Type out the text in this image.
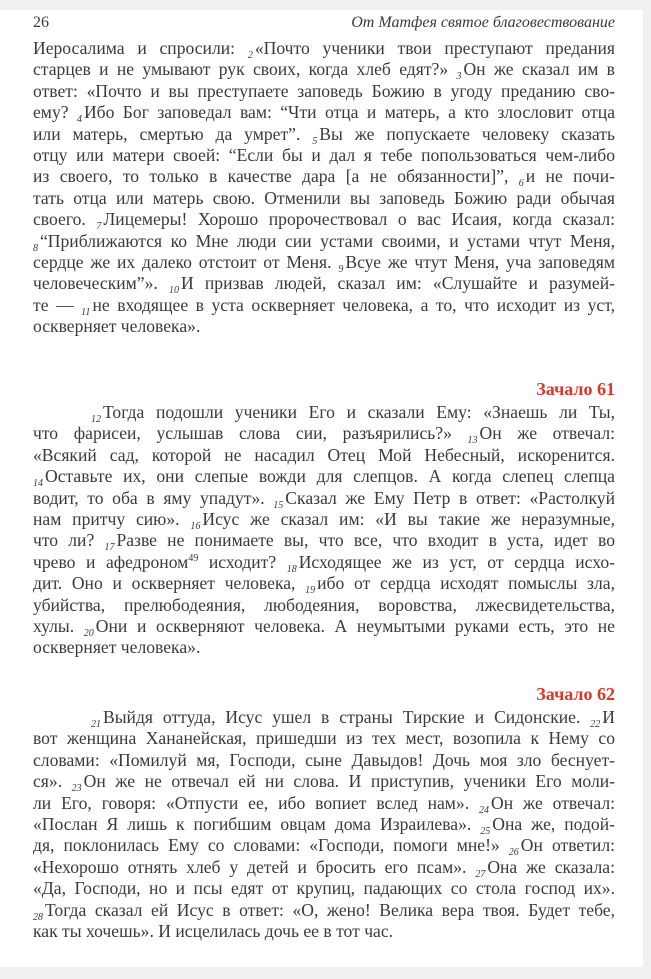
26	От Матфея святое благовествование
Иеросалима и спросили: $_2$ «Почто ученики твои преступают предания
старцев и не умывают рук своих, когда хлеб едят?» $_3$ Он же сказал им в
ответ: «Почто и вы преступаете заповедь Божию в угоду преданию сво-
ему? $_4$ Ибо Бог заповедал вам: “Чти отца и матерь, а кто злословит отца
или матерь, смертью да умрет”. $_5$ Вы же попускаете человеку сказать
отцу или матери своей: “Если бы и дал я тебе попользоваться чем-либо
из своего, то только в качестве дара [а не обязанности]”, $_6$ и не почи-
тать отца или матерь свою. Отменили вы заповедь Божию ради обычая
своего. $_7$ Лицемеры! Хорошо пророчествовал о вас Исаия, когда сказал:
$_8$ “Приближаются ко Мне люди сии устами своими, и устами чтут Меня,
сердце же их далеко отстоит от Меня. $_9$ Всуе же чтут Меня, уча заповедям
человеческим”». $_{10}$ И призвав людей, сказал им: «Слушайте и разумей-
те — $_{11}$ не входящее в уста оскверняет человека, а то, что исходит из уст,
оскверняет человека».
Зачало 61
$_{12}$ Тогда подошли ученики Его и сказали Ему: «Знаешь ли Ты,
что фарисеи, услышав слова сии, разъярились?» $_{13}$ Он же отвечал:
«Всякий сад, которой не насадил Отец Мой Небесный, искоренится.
$_{14}$ Оставьте их, они слепые вожди для слепцов. А когда слепец слепца
водит, то оба в яму упадут». $_{15}$ Сказал же Ему Петр в ответ: «Растолкуй
нам притчу сию». $_{16}$ Исус же сказал им: «И вы такие же неразумные,
что ли? $_{17}$ Разве не понимаете вы, что все, что входит в уста, идет во
чрево и афедроном$^{49}$ исходит? $_{18}$ Исходящее же из уст, от сердца исхо-
дит. Оно и оскверняет человека, $_{19}$ ибо от сердца исходят помыслы зла,
убийства, прелюбодеяния, любодеяния, воровства, лжесвидетельства,
хулы. $_{20}$ Они и оскверняют человека. А неумытыми руками есть, это не
оскверняет человека».
Зачало 62
$_{21}$ Выйдя оттуда, Исус ушел в страны Тирские и Сидонские. $_{22}$ И
вот женщина Хананейская, пришедши из тех мест, возопила к Нему со
словами: «Помилуй мя, Господи, сыне Давыдов! Дочь моя зло беснует-
ся». $_{23}$ Он же не отвечал ей ни слова. И приступив, ученики Его моли-
ли Его, говоря: «Отпусти ее, ибо вопиет вслед нам». $_{24}$ Он же отвечал:
«Послан Я лишь к погибшим овцам дома Израилева». $_{25}$ Она же, подой-
дя, поклонилась Ему со словами: «Господи, помоги мне!» $_{26}$ Он ответил:
«Нехорошо отнять хлеб у детей и бросить его псам». $_{27}$ Она же сказала:
«Да, Господи, но и псы едят от крупиц, падающих со стола господ их».
$_{28}$ Тогда сказал ей Исус в ответ: «О, жено! Велика вера твоя. Будет тебе,
как ты хочешь». И исцелилась дочь ее в тот час.
